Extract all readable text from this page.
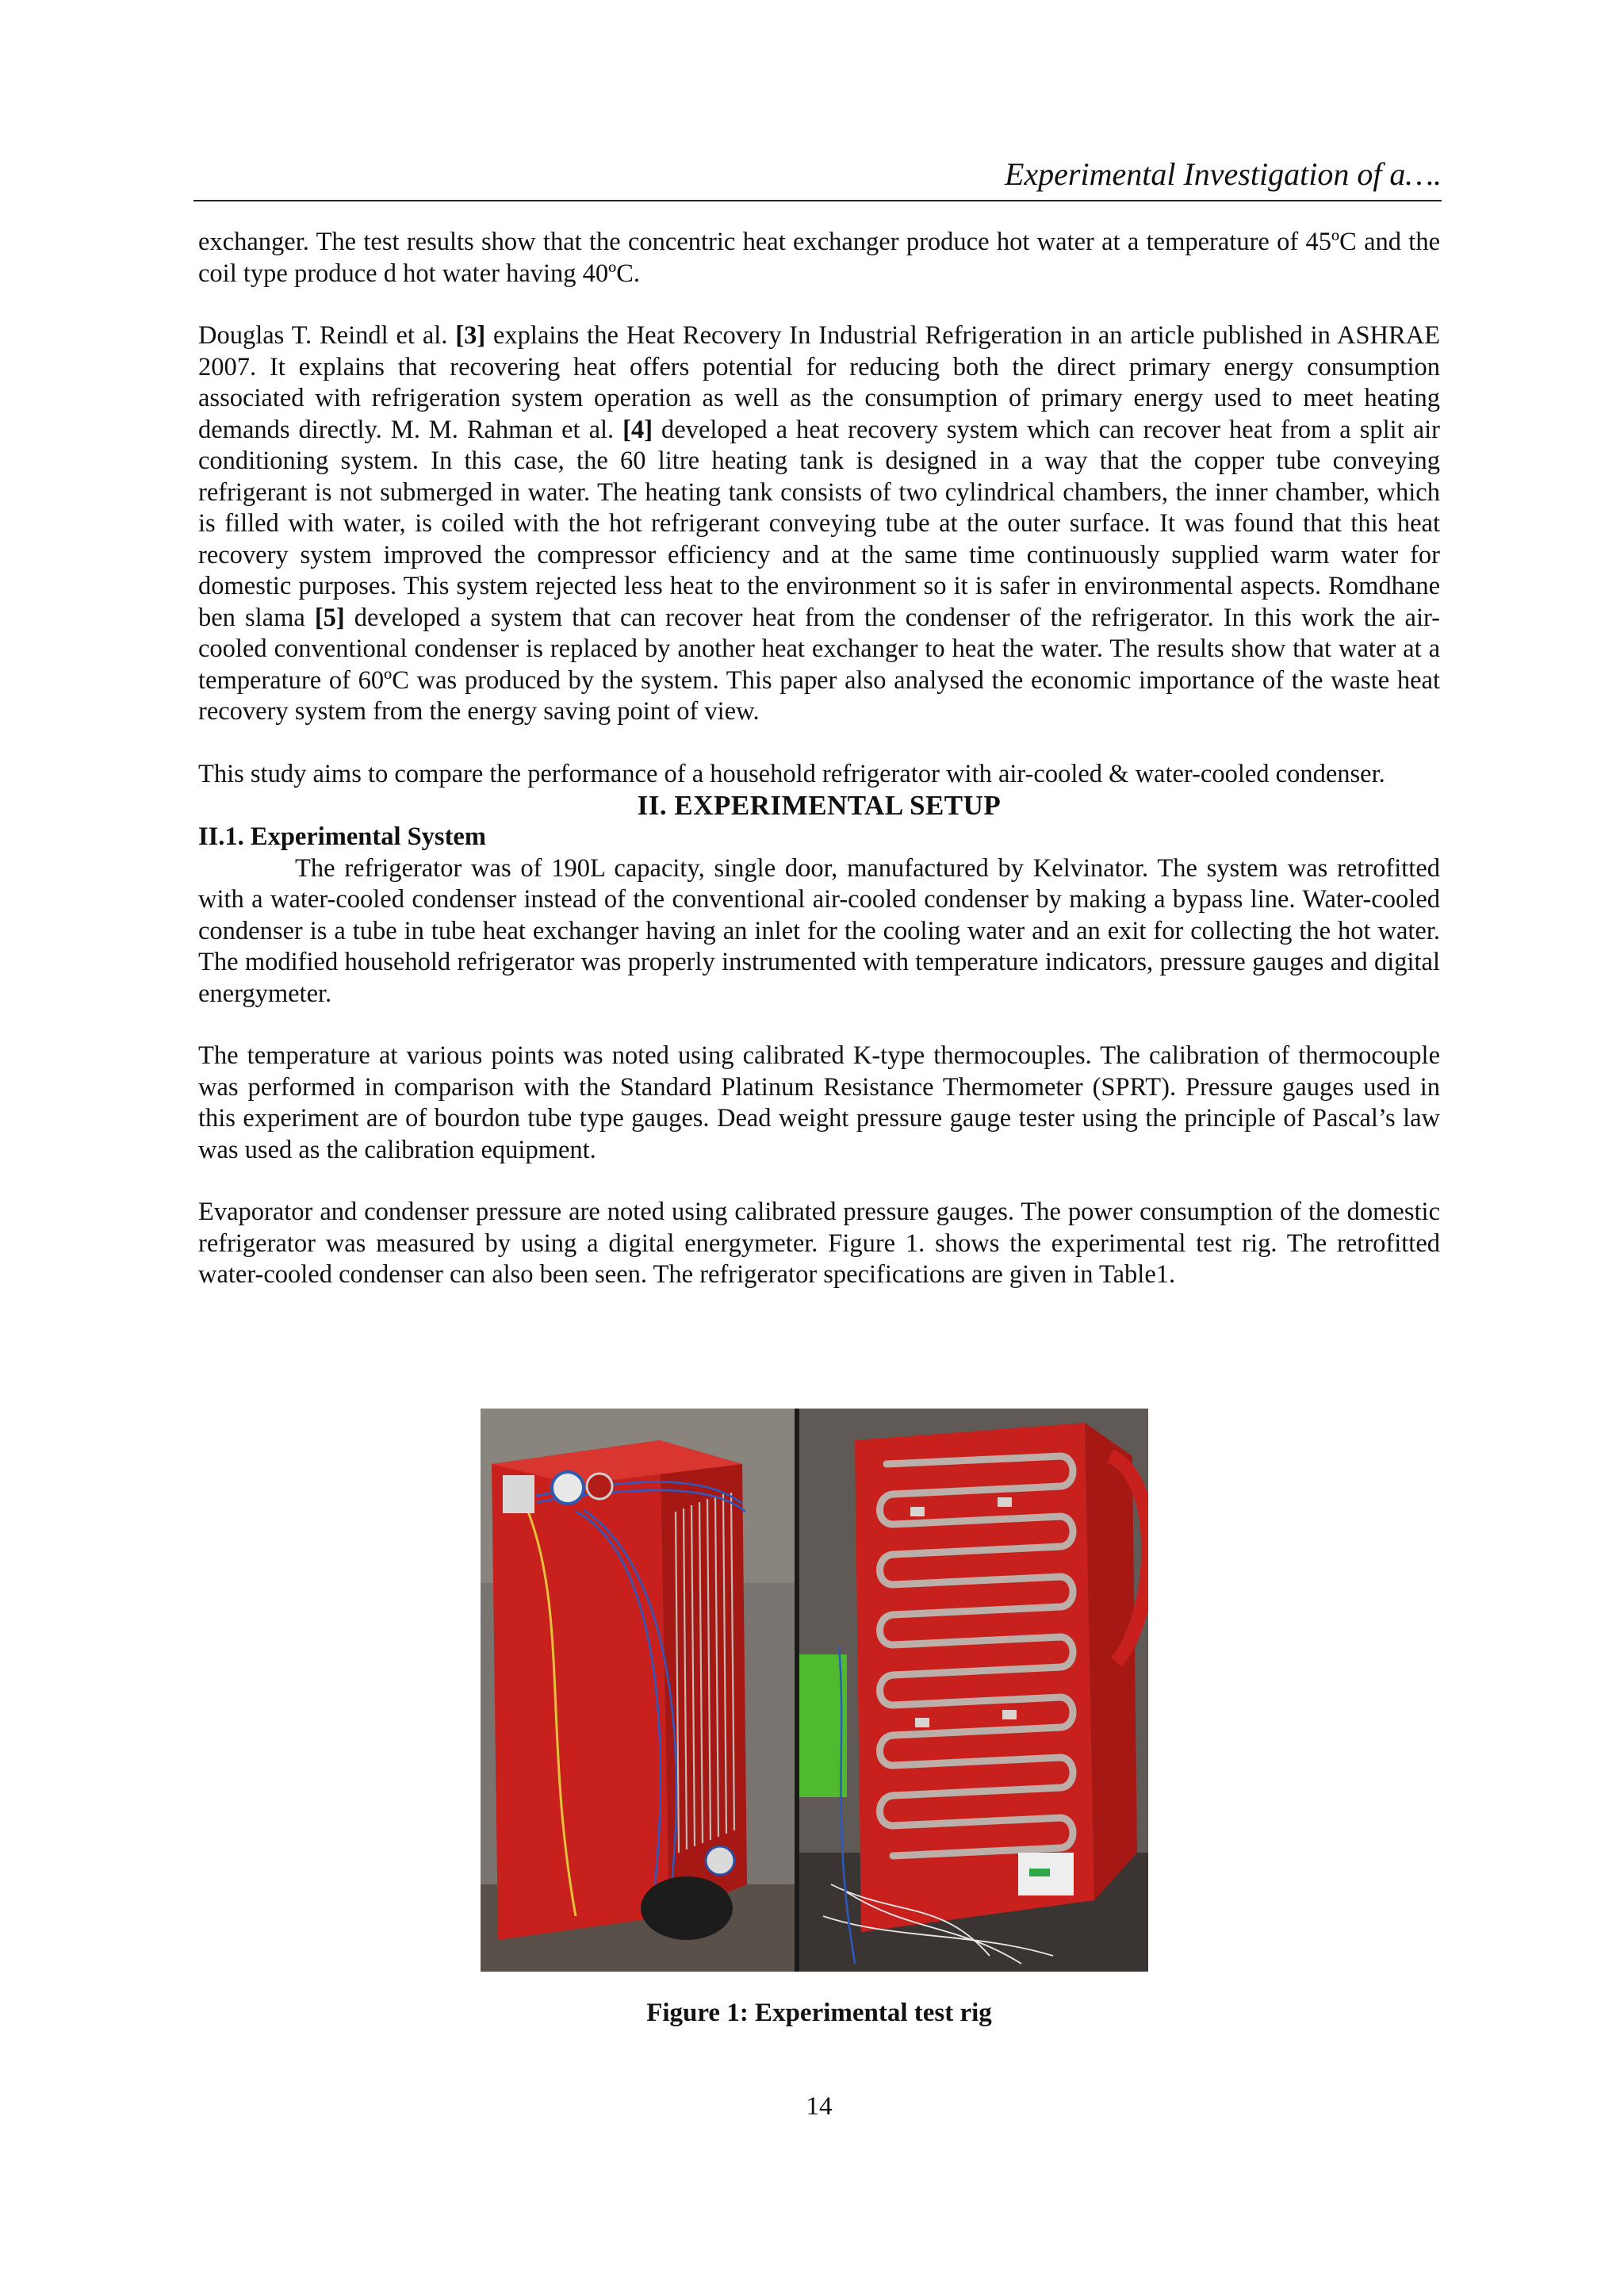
Experimental Investigation of a….

exchanger. The test results show that the concentric heat exchanger produce hot water at a temperature of 45ºC and the coil type produce d hot water having 40ºC.

Douglas T. Reindl et al. [3] explains the Heat Recovery In Industrial Refrigeration in an article published in ASHRAE 2007. It explains that recovering heat offers potential for reducing both the direct primary energy consumption associated with refrigeration system operation as well as the consumption of primary energy used to meet heating demands directly. M. M. Rahman et al. [4] developed a heat recovery system which can recover heat from a split air conditioning system. In this case, the 60 litre heating tank is designed in a way that the copper tube conveying refrigerant is not submerged in water. The heating tank consists of two cylindrical chambers, the inner chamber, which is filled with water, is coiled with the hot refrigerant conveying tube at the outer surface. It was found that this heat recovery system improved the compressor efficiency and at the same time continuously supplied warm water for domestic purposes. This system rejected less heat to the environment so it is safer in environmental aspects. Romdhane ben slama [5] developed a system that can recover heat from the condenser of the refrigerator. In this work the air-cooled conventional condenser is replaced by another heat exchanger to heat the water. The results show that water at a temperature of 60ºC was produced by the system. This paper also analysed the economic importance of the waste heat recovery system from the energy saving point of view.

This study aims to compare the performance of a household refrigerator with air-cooled & water-cooled condenser.

II. EXPERIMENTAL SETUP

II.1. Experimental System

The refrigerator was of 190L capacity, single door, manufactured by Kelvinator. The system was retrofitted with a water-cooled condenser instead of the conventional air-cooled condenser by making a bypass line. Water-cooled condenser is a tube in tube heat exchanger having an inlet for the cooling water and an exit for collecting the hot water. The modified household refrigerator was properly instrumented with temperature indicators, pressure gauges and digital energymeter.

The temperature at various points was noted using calibrated K-type thermocouples. The calibration of thermocouple was performed in comparison with the Standard Platinum Resistance Thermometer (SPRT). Pressure gauges used in this experiment are of bourdon tube type gauges. Dead weight pressure gauge tester using the principle of Pascal’s law was used as the calibration equipment.

Evaporator and condenser pressure are noted using calibrated pressure gauges. The power consumption of the domestic refrigerator was measured by using a digital energymeter. Figure 1. shows the experimental test rig. The retrofitted water-cooled condenser can also been seen. The refrigerator specifications are given in Table1.

Figure 1: Experimental test rig
14
